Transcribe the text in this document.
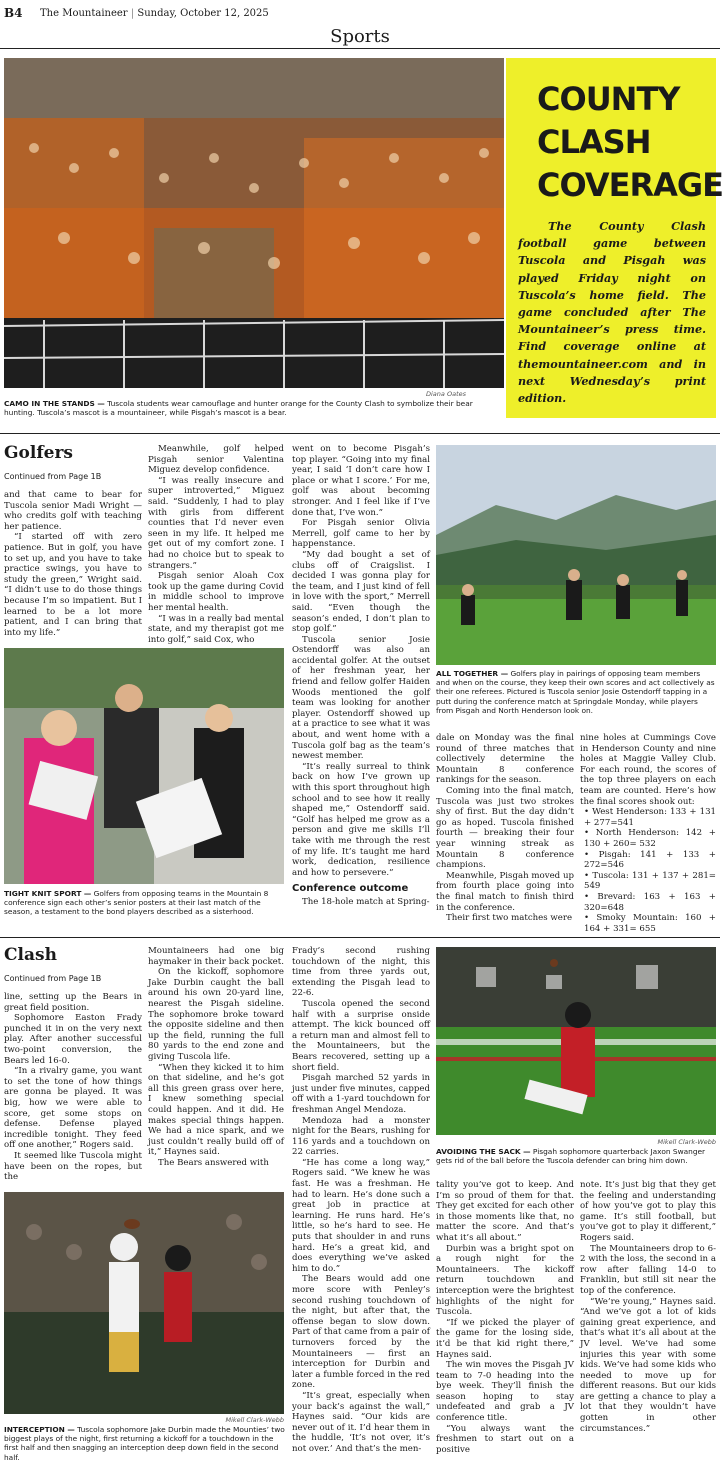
B4 The Mountaineer | Sunday, October 12, 2025
Sports
Diana Oates
CAMO IN THE STANDS — Tuscola students wear camouflage and hunter orange for the County Clash to symbolize their bear hunting. Tuscola’s mascot is a mountaineer, while Pisgah’s mascot is a bear.
COUNTY
CLASH
COVERAGE

The County Clash football game between Tuscola and Pisgah was played Friday night on Tuscola’s home field. The game concluded after The Mountaineer’s press time. Find coverage online at themountaineer.com and in next Wednesday’s print edition.

Golfers
Continued from Page 1B

and that came to bear for Tuscola senior Madi Wright — who credits golf with teaching her patience.

“I started off with zero patience. But in golf, you have to set up, and you have to take practice swings, you have to study the green,” Wright said. “I didn’t use to do those things because I’m so impatient. But I learned to be a lot more patient, and I can bring that into my life.”

TIGHT KNIT SPORT — Golfers from opposing teams in the Mountain 8 conference sign each other’s senior posters at their last match of the season, a testament to the bond players described as a sisterhood.

Meanwhile, golf helped Pisgah senior Valentina Miguez develop confidence.

“I was really insecure and super introverted,” Miguez said. “Suddenly, I had to play with girls from different counties that I’d never even seen in my life. It helped me get out of my comfort zone. I had no choice but to speak to strangers.”

Pisgah senior Aloah Cox took up the game during Covid in middle school to improve her mental health.

“I was in a really bad mental state, and my therapist got me into golf,” said Cox, who

went on to become Pisgah’s top player. “Going into my final year, I said ‘I don’t care how I place or what I score.’ For me, golf was about becoming stronger. And I feel like if I’ve done that, I’ve won.”

For Pisgah senior Olivia Merrell, golf came to her by happenstance.

“My dad bought a set of clubs off of Craigslist. I decided I was gonna play for the team, and I just kind of fell in love with the sport,” Merrell said. “Even though the season’s ended, I don’t plan to stop golf.”

Tuscola senior Josie Ostendorff was also an accidental golfer. At the outset of her freshman year, her friend and fellow golfer Haiden Woods mentioned the golf team was looking for another player. Ostendorff showed up at a practice to see what it was about, and went home with a Tuscola golf bag as the team’s newest member.

“It’s really surreal to think back on how I’ve grown up with this sport throughout high school and to see how it really shaped me,” Ostendorff said. “Golf has helped me grow as a person and give me skills I’ll take with me through the rest of my life. It’s taught me hard work, dedication, resilience and how to persevere.”

Conference outcome

The 18-hole match at Spring-

ALL TOGETHER — Golfers play in pairings of opposing team members and when on the course, they keep their own scores and act collectively as their one referees. Pictured is Tuscola senior Josie Ostendorff tapping in a putt during the conference match at Springdale Monday, while players from Pisgah and North Henderson look on.

dale on Monday was the final round of three matches that collectively determine the Mountain 8 conference rankings for the season.

Coming into the final match, Tuscola was just two strokes shy of first. But the day didn’t go as hoped. Tuscola finished fourth — breaking their four year winning streak as Mountain 8 conference champions.

Meanwhile, Pisgah moved up from fourth place going into the final match to finish third in the conference.

Their first two matches were

nine holes at Cummings Cove in Henderson County and nine holes at Maggie Valley Club. For each round, the scores of the top three players on each team are counted. Here’s how the final scores shook out:

• West Henderson: 133 + 131 + 277=541

• North Henderson: 142 + 130 + 260= 532

• Pisgah: 141 + 133 + 272=546

• Tuscola: 131 + 137 + 281= 549

• Brevard: 163 + 163 + 320=648

• Smoky Mountain: 160 + 164 + 331= 655

Clash
Continued from Page 1B

line, setting up the Bears in great field position.

Sophomore Easton Frady punched it in on the very next play. After another successful two-point conversion, the Bears led 16-0.

“In a rivalry game, you want to set the tone of how things are gonna be played. It was big, how we were able to score, get some stops on defense. Defense played incredible tonight. They feed off one another,” Rogers said.

It seemed like Tuscola might have been on the ropes, but the

Mountaineers had one big haymaker in their back pocket.

On the kickoff, sophomore Jake Durbin caught the ball around his own 20-yard line, nearest the Pisgah sideline. The sophomore broke toward the opposite sideline and then up the field, running the full 80 yards to the end zone and giving Tuscola life.

“When they kicked it to him on that sideline, and he’s got all this green grass over here, I knew something special could happen. And it did. He makes special things happen. We had a nice spark, and we just couldn’t really build off of it,” Haynes said.

The Bears answered with

Mikell Clark-Webb
INTERCEPTION — Tuscola sophomore Jake Durbin made the Mounties’ two biggest plays of the night, first returning a kickoff for a touchdown in the first half and then snagging an interception deep down field in the second half.

Frady’s second rushing touchdown of the night, this time from three yards out, extending the Pisgah lead to 22-6.

Tuscola opened the second half with a surprise onside attempt. The kick bounced off a return man and almost fell to the Mountaineers, but the Bears recovered, setting up a short field.

Pisgah marched 52 yards in just under five minutes, capped off with a 1-yard touchdown for freshman Angel Mendoza.

Mendoza had a monster night for the Bears, rushing for 116 yards and a touchdown on 22 carries.

“He has come a long way,” Rogers said. “We knew he was fast. He was a freshman. He had to learn. He’s done such a great job in practice at learning. He runs hard. He’s little, so he’s hard to see. He puts that shoulder in and runs hard. He’s a great kid, and does everything we’ve asked him to do.”

The Bears would add one more score with Penley’s second rushing touchdown of the night, but after that, the offense began to slow down. Part of that came from a pair of turnovers forced by the Mountaineers — first an interception for Durbin and later a fumble forced in the red zone.

“It’s great, especially when your back’s against the wall,” Haynes said. “Our kids are never out of it. I’d hear them in the huddle, ‘It’s not over, it’s not over.’ And that’s the men-

Mikell Clark-Webb
AVOIDING THE SACK — Pisgah sophomore quarterback Jaxon Swanger gets rid of the ball before the Tuscola defender can bring him down.

tality you’ve got to keep. And I’m so proud of them for that. They get excited for each other in those moments like that, no matter the score. And that’s what it’s all about.”

Durbin was a bright spot on a rough night for the Mountaineers. The kickoff return touchdown and interception were the brightest highlights of the night for Tuscola.

“If we picked the player of the game for the losing side, it’d be that kid right there,” Haynes said.

The win moves the Pisgah JV team to 7-0 heading into the bye week. They’ll finish the season hoping to stay undefeated and grab a JV conference title.

“You always want the freshmen to start out on a positive

note. It’s just big that they get the feeling and understanding of how you’ve got to play this game. It’s still football, but you’ve got to play it different,” Rogers said.

The Mountaineers drop to 6-2 with the loss, the second in a row after falling 14-0 to Franklin, but still sit near the top of the conference.

“We’re young,” Haynes said. “And we’ve got a lot of kids gaining great experience, and that’s what it’s all about at the JV level. We’ve had some injuries this year with some kids. We’ve had some kids who needed to move up for different reasons. But our kids are getting a chance to play a lot that they wouldn’t have gotten in other circumstances.”
